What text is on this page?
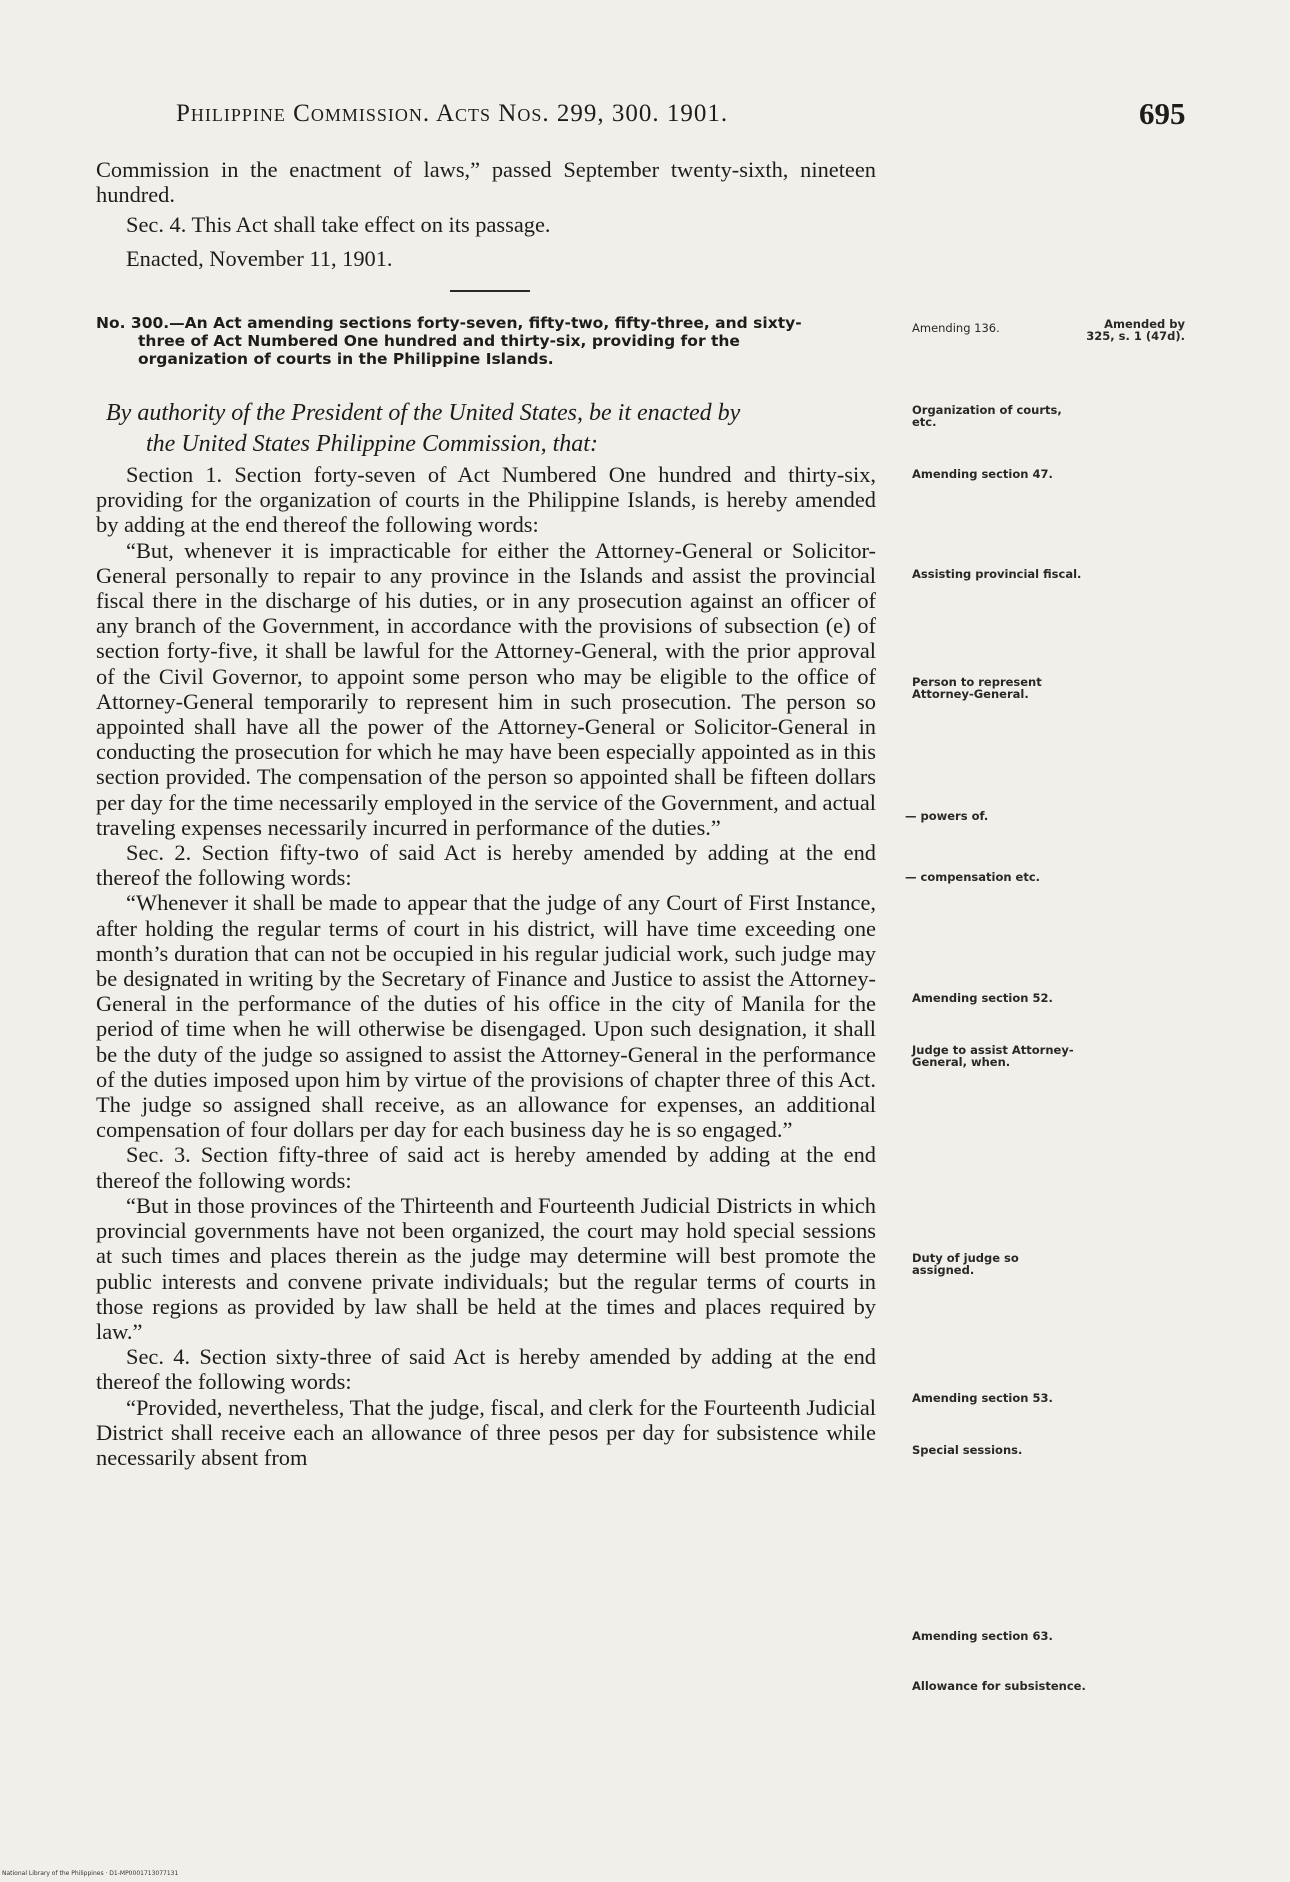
Philippine Commission. Acts Nos. 299, 300. 1901.	695

Commission in the enactment of laws,” passed September twenty-sixth, nineteen hundred.

Sec. 4. This Act shall take effect on its passage.

Enacted, November 11, 1901.

No. 300.—An Act amending sections forty-seven, fifty-two, fifty-three, and sixty-
three of Act Numbered One hundred and thirty-six, providing for the
organization of courts in the Philippine Islands.
By authority of the President of the United States, be it enacted by
the United States Philippine Commission, that:

Section 1. Section forty-seven of Act Numbered One hundred and thirty-six, providing for the organization of courts in the Philippine Islands, is hereby amended by adding at the end thereof the following words:

“But, whenever it is impracticable for either the Attorney-General or Solicitor-General personally to repair to any province in the Islands and assist the provincial fiscal there in the discharge of his duties, or in any prosecution against an officer of any branch of the Government, in accordance with the provisions of subsection (e) of section forty-five, it shall be lawful for the Attorney-General, with the prior approval of the Civil Governor, to appoint some person who may be eligible to the office of Attorney-General temporarily to represent him in such prosecution. The person so appointed shall have all the power of the Attorney-General or Solicitor-General in conducting the prosecution for which he may have been especially appointed as in this section provided. The compensation of the person so appointed shall be fifteen dollars per day for the time necessarily employed in the service of the Government, and actual traveling expenses necessarily incurred in performance of the duties.”

Sec. 2. Section fifty-two of said Act is hereby amended by adding at the end thereof the following words:

“Whenever it shall be made to appear that the judge of any Court of First Instance, after holding the regular terms of court in his district, will have time exceeding one month’s duration that can not be occupied in his regular judicial work, such judge may be designated in writing by the Secretary of Finance and Justice to assist the Attorney-General in the performance of the duties of his office in the city of Manila for the period of time when he will otherwise be disengaged. Upon such designation, it shall be the duty of the judge so assigned to assist the Attorney-General in the performance of the duties imposed upon him by virtue of the provisions of chapter three of this Act. The judge so assigned shall receive, as an allowance for expenses, an additional compensation of four dollars per day for each business day he is so engaged.”

Sec. 3. Section fifty-three of said act is hereby amended by adding at the end thereof the following words:

“But in those provinces of the Thirteenth and Fourteenth Judicial Districts in which provincial governments have not been organized, the court may hold special sessions at such times and places therein as the judge may determine will best promote the public interests and convene private individuals; but the regular terms of courts in those regions as provided by law shall be held at the times and places required by law.”

Sec. 4. Section sixty-three of said Act is hereby amended by adding at the end thereof the following words:

“Provided, nevertheless, That the judge, fiscal, and clerk for the Fourteenth Judicial District shall receive each an allowance of three pesos per day for subsistence while necessarily absent from

Amending 136.	Amended by 325, s. 1 (47d).
Organization of courts, etc.
Amending section 47.
Assisting provincial fiscal.
Person to represent Attorney-General.
— powers of.
— compensation etc.
Amending section 52.
Judge to assist Attorney-General, when.
Duty of judge so assigned.
Amending section 53.
Special sessions.
Amending section 63.
Allowance for subsistence.
National Library of the Philippines · D1-MP0001713077131
